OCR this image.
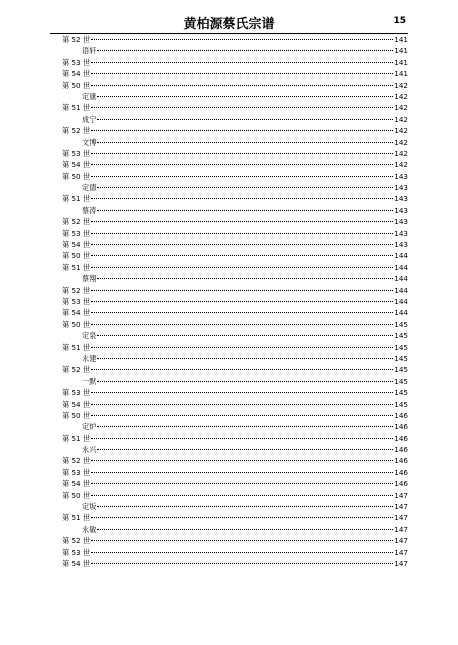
黄柏源蔡氏宗谱	15
第 52 世	141
语轩	141
第 53 世	141
第 54 世	141
第 50 世	142
定康	142
第 51 世	142
成宁	142
第 52 世	142
文博	142
第 53 世	142
第 54 世	142
第 50 世	143
定德	143
第 51 世	143
蔡涛	143
第 52 世	143
第 53 世	143
第 54 世	143
第 50 世	144
第 51 世	144
蔡翔	144
第 52 世	144
第 53 世	144
第 54 世	144
第 50 世	145
定泉	145
第 51 世	145
永建	145
第 52 世	145
一默	145
第 53 世	145
第 54 世	145
第 50 世	146
定炉	146
第 51 世	146
永兴	146
第 52 世	146
第 53 世	146
第 54 世	146
第 50 世	147
定坂	147
第 51 世	147
永敏	147
第 52 世	147
第 53 世	147
第 54 世	147
